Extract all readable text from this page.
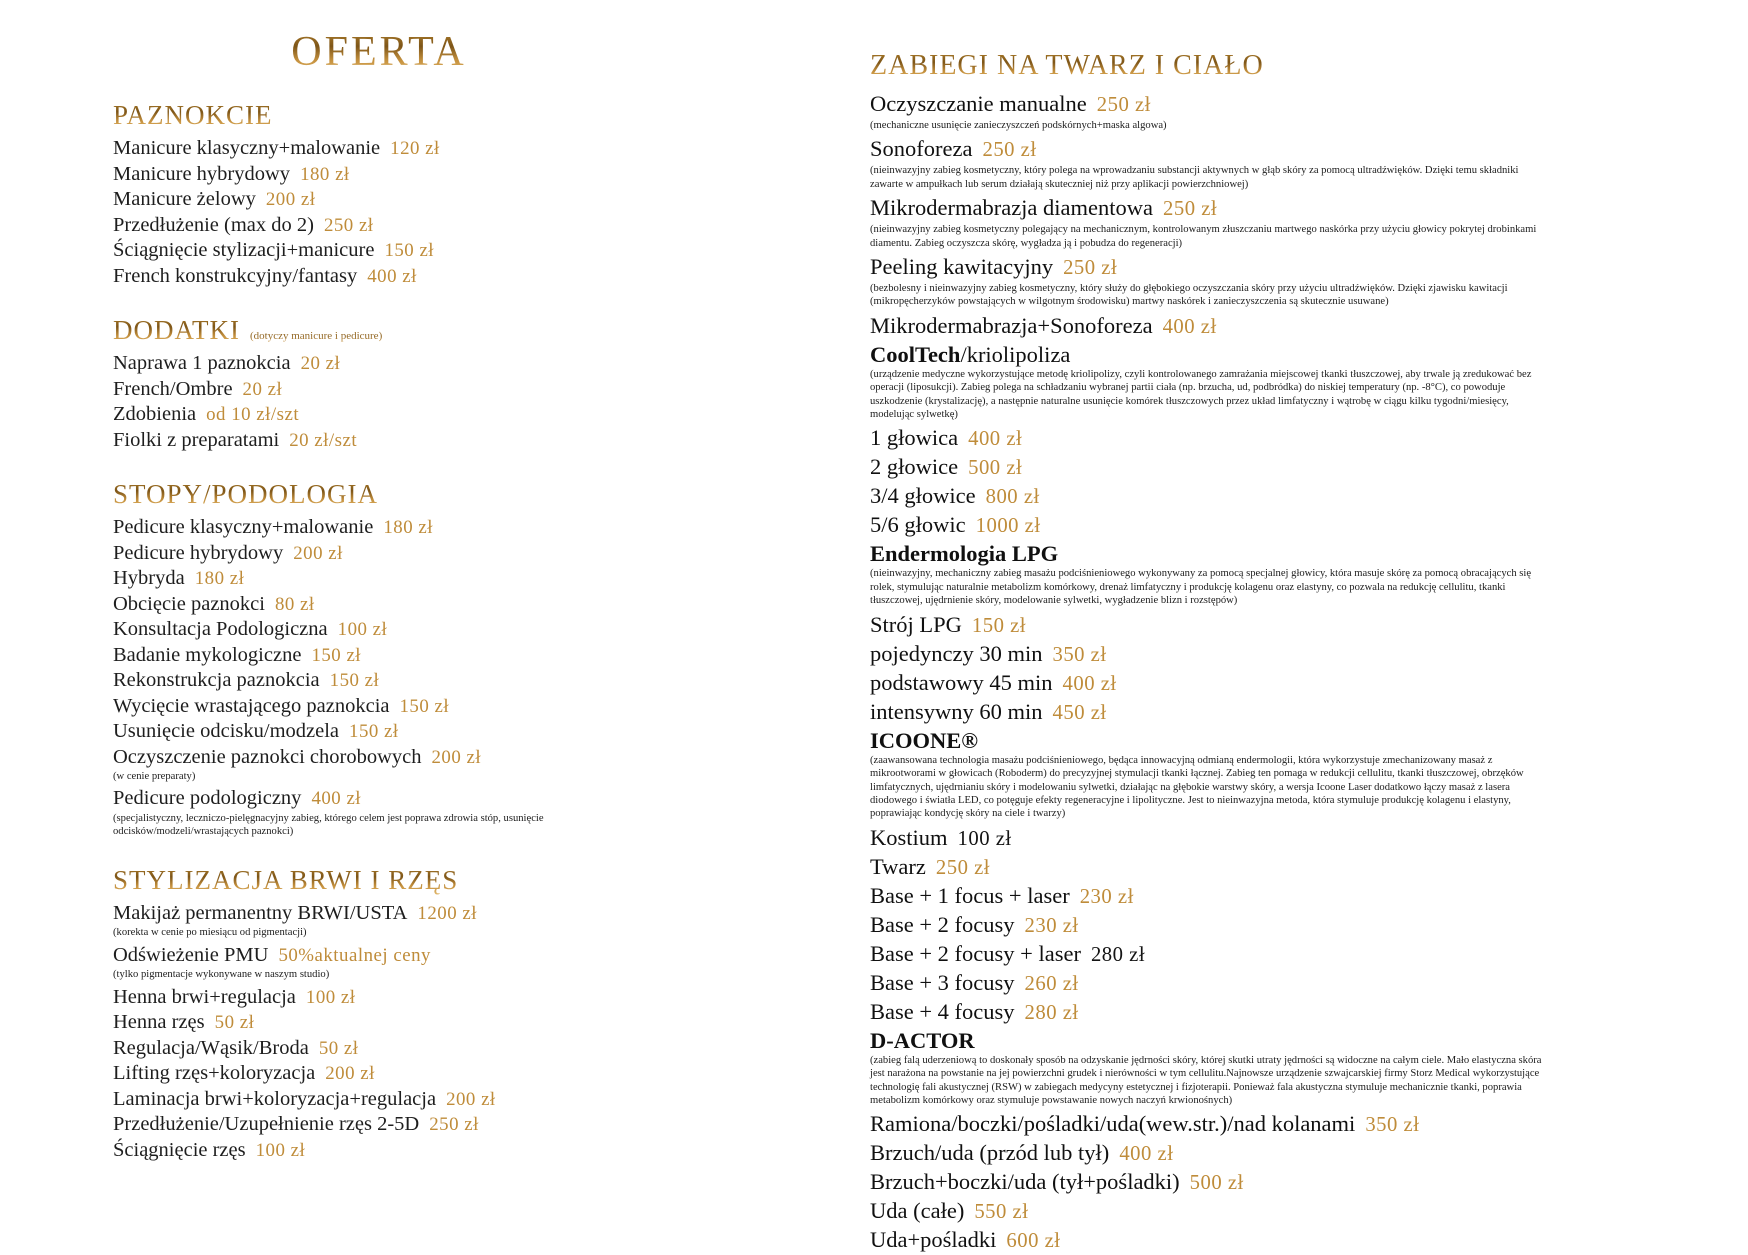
OFERTA
PAZNOKCIE
Manicure klasyczny+malowanie 120 zł
Manicure hybrydowy 180 zł
Manicure żelowy 200 zł
Przedłużenie (max do 2) 250 zł
Ściągnięcie stylizacji+manicure 150 zł
French konstrukcyjny/fantasy 400 zł
DODATKI (dotyczy manicure i pedicure)
Naprawa 1 paznokcia 20 zł
French/Ombre 20 zł
Zdobienia od 10 zł/szt
Fiolki z preparatami 20 zł/szt
STOPY/PODOLOGIA
Pedicure klasyczny+malowanie 180 zł
Pedicure hybrydowy 200 zł
Hybryda 180 zł
Obcięcie paznokci 80 zł
Konsultacja Podologiczna 100 zł
Badanie mykologiczne 150 zł
Rekonstrukcja paznokcia 150 zł
Wycięcie wrastającego paznokcia 150 zł
Usunięcie odcisku/modzela 150 zł
Oczyszczenie paznokci chorobowych 200 zł
(w cenie preparaty)
Pedicure podologiczny 400 zł
(specjalistyczny, leczniczo-pielęgnacyjny zabieg, którego celem jest poprawa zdrowia stóp, usunięcie odcisków/modzeli/wrastających paznokci)
STYLIZACJA BRWI I RZĘS
Makijaż permanentny BRWI/USTA 1200 zł
(korekta w cenie po miesiącu od pigmentacji)
Odświeżenie PMU 50%aktualnej ceny
(tylko pigmentacje wykonywane w naszym studio)
Henna brwi+regulacja 100 zł
Henna rzęs 50 zł
Regulacja/Wąsik/Broda 50 zł
Lifting rzęs+koloryzacja 200 zł
Laminacja brwi+koloryzacja+regulacja 200 zł
Przedłużenie/Uzupełnienie rzęs 2-5D 250 zł
Ściągnięcie rzęs 100 zł
ZABIEGI NA TWARZ I CIAŁO
Oczyszczanie manualne 250 zł
(mechaniczne usunięcie zanieczyszczeń podskórnych+maska algowa)
Sonoforeza 250 zł
(nieinwazyjny zabieg kosmetyczny, który polega na wprowadzaniu substancji aktywnych w głąb skóry za pomocą ultradźwięków. Dzięki temu składniki zawarte w ampułkach lub serum działają skuteczniej niż przy aplikacji powierzchniowej)
Mikrodermabrazja diamentowa 250 zł
(nieinwazyjny zabieg kosmetyczny polegający na mechanicznym, kontrolowanym złuszczaniu martwego naskórka przy użyciu głowicy pokrytej drobinkami diamentu. Zabieg oczyszcza skórę, wygładza ją i pobudza do regeneracji)
Peeling kawitacyjny 250 zł
(bezbolesny i nieinwazyjny zabieg kosmetyczny, który służy do głębokiego oczyszczania skóry przy użyciu ultradźwięków. Dzięki zjawisku kawitacji (mikropęcherzyków powstających w wilgotnym środowisku) martwy naskórek i zanieczyszczenia są skutecznie usuwane)
Mikrodermabrazja+Sonoforeza 400 zł
CoolTech/kriolipoliza
(urządzenie medyczne wykorzystujące metodę kriolipolizy, czyli kontrolowanego zamrażania miejscowej tkanki tłuszczowej, aby trwale ją zredukować bez operacji (liposukcji). Zabieg polega na schładzaniu wybranej partii ciała (np. brzucha, ud, podbródka) do niskiej temperatury (np. -8°C), co powoduje uszkodzenie (krystalizację), a następnie naturalne usunięcie komórek tłuszczowych przez układ limfatyczny i wątrobę w ciągu kilku tygodni/miesięcy, modelując sylwetkę)
1 głowica 400 zł
2 głowice 500 zł
3/4 głowice 800 zł
5/6 głowic 1000 zł
Endermologia LPG
(nieinwazyjny, mechaniczny zabieg masażu podciśnieniowego wykonywany za pomocą specjalnej głowicy, która masuje skórę za pomocą obracających się rolek, stymulując naturalnie metabolizm komórkowy, drenaż limfatyczny i produkcję kolagenu oraz elastyny, co pozwala na redukcję cellulitu, tkanki tłuszczowej, ujędrnienie skóry, modelowanie sylwetki, wygładzenie blizn i rozstępów)
Strój LPG 150 zł
pojedynczy 30 min 350 zł
podstawowy 45 min 400 zł
intensywny 60 min 450 zł
ICOONE®
(zaawansowana technologia masażu podciśnieniowego, będąca innowacyjną odmianą endermologii, która wykorzystuje zmechanizowany masaż z mikrootworami w głowicach (Roboderm) do precyzyjnej stymulacji tkanki łącznej. Zabieg ten pomaga w redukcji cellulitu, tkanki tłuszczowej, obrzęków limfatycznych, ujędrnianiu skóry i modelowaniu sylwetki, działając na głębokie warstwy skóry, a wersja Icoone Laser dodatkowo łączy masaż z lasera diodowego i światła LED, co potęguje efekty regeneracyjne i lipolityczne. Jest to nieinwazyjna metoda, która stymuluje produkcję kolagenu i elastyny, poprawiając kondycję skóry na ciele i twarzy)
Kostium 100 zł
Twarz 250 zł
Base + 1 focus + laser 230 zł
Base + 2 focusy 230 zł
Base + 2 focusy + laser 280 zł
Base + 3 focusy 260 zł
Base + 4 focusy 280 zł
D-ACTOR
(zabieg falą uderzeniową to doskonały sposób na odzyskanie jędrności skóry, której skutki utraty jędrności są widoczne na całym ciele. Mało elastyczna skóra jest narażona na powstanie na jej powierzchni grudek i nierówności w tym cellulitu.Najnowsze urządzenie szwajcarskiej firmy Storz Medical wykorzystujące technologię fali akustycznej (RSW) w zabiegach medycyny estetycznej i fizjoterapii. Ponieważ fala akustyczna stymuluje mechanicznie tkanki, poprawia metabolizm komórkowy oraz stymuluje powstawanie nowych naczyń krwionośnych)
Ramiona/boczki/pośladki/uda(wew.str.)/nad kolanami 350 zł
Brzuch/uda (przód lub tył) 400 zł
Brzuch+boczki/uda (tył+pośladki) 500 zł
Uda (całe) 550 zł
Uda+pośladki 600 zł
